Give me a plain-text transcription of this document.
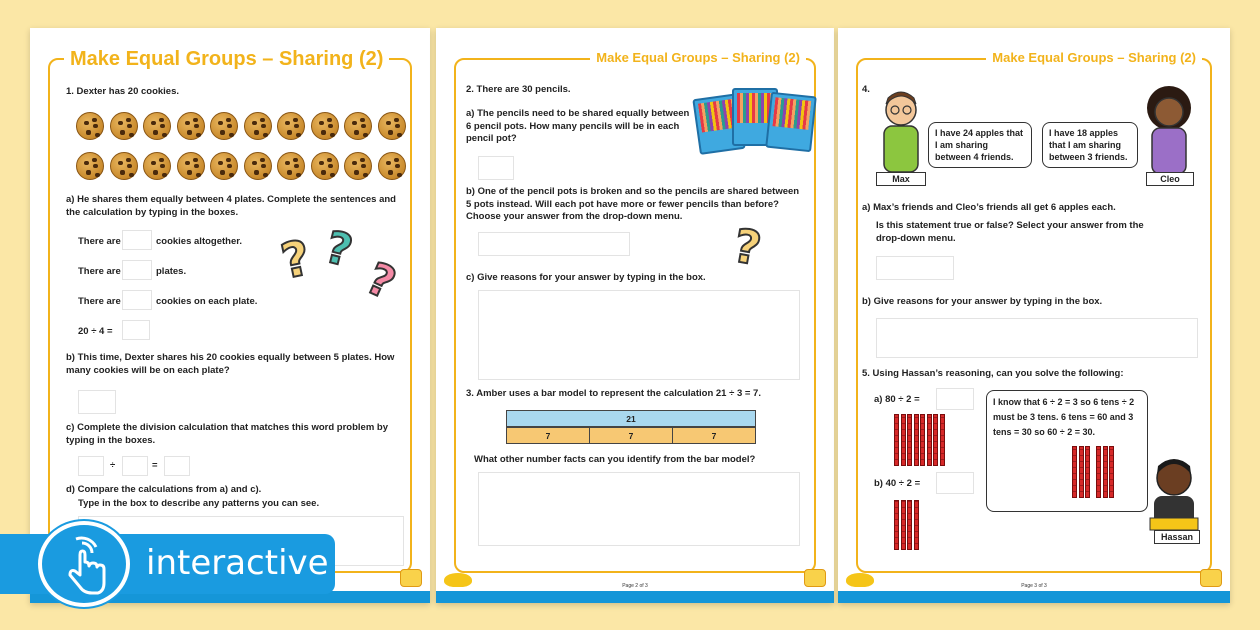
Make Equal Groups – Sharing (2)
1. Dexter has 20 cookies.
a) He shares them equally between 4 plates. Complete the sentences and the calculation by typing in the boxes.
There are	cookies altogether.
There are	plates.
There are	cookies on each plate.
20 ÷ 4 =
? ?
?
b) This time, Dexter shares his 20 cookies equally between 5 plates. How many cookies will be on each plate?
c) Complete the division calculation that matches this word problem by typing in the boxes.
÷	=
d) Compare the calculations from a) and c).
Type in the box to describe any patterns you can see.
Make Equal Groups – Sharing (2)
2. There are 30 pencils.
a) The pencils need to be shared equally between 6 pencil pots. How many pencils will be in each pencil pot?
b) One of the pencil pots is broken and so the pencils are shared between 5 pots instead. Will each pot have more or fewer pencils than before? Choose your answer from the drop-down menu.
?
c) Give reasons for your answer by typing in the box.
3. Amber uses a bar model to represent the calculation 21 ÷ 3 = 7.
21
7	7	7
What other number facts can you identify from the bar model?
Page 2 of 3
Make Equal Groups – Sharing (2)
4.
I have 24 apples that I am sharing between 4 friends.
Max
I have 18 apples that I am sharing between 3 friends.
Cleo
a) Max’s friends and Cleo’s friends all get 6 apples each.
Is this statement true or false? Select your answer from the drop-down menu.
b) Give reasons for your answer by typing in the box.
5. Using Hassan’s reasoning, can you solve the following:
a) 80 ÷ 2 =
b) 40 ÷ 2 =
I know that 6 ÷ 2 = 3 so 6 tens ÷ 2 must be 3 tens. 6 tens = 60 and 3 tens = 30 so 60 ÷ 2 = 30.
Hassan
Page 3 of 3
interactive
